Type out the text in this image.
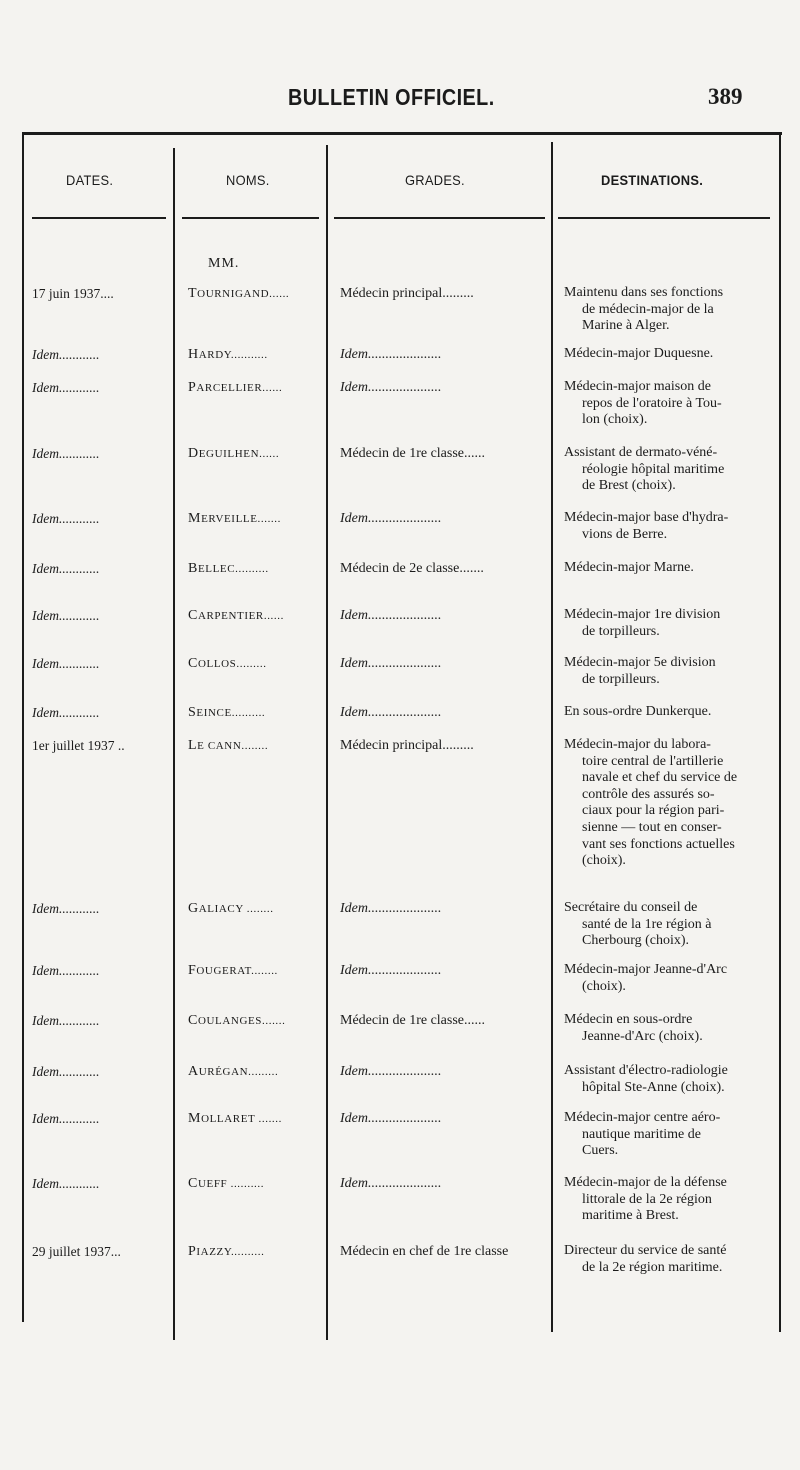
BULLETIN OFFICIEL.	389
DATES.	NOMS.	GRADES.	DESTINATIONS.
MM.
17 juin 1937....	TOURNIGAND......	Médecin principal.........	Maintenu dans ses fonctions

de médecin-major de la
Marine à Alger.
Idem............	HARDY...........	Idem.....................	Médecin-major Duquesne.

Idem............	PARCELLIER......	Idem.....................	Médecin-major maison de

repos de l'oratoire à Tou-
lon (choix).
Idem............	DEGUILHEN......	Médecin de 1re classe......	Assistant de dermato-véné-

réologie hôpital maritime
de Brest (choix).
Idem............	MERVEILLE.......	Idem.....................	Médecin-major base d'hydra-

vions de Berre.
Idem............	BELLEC..........	Médecin de 2e classe.......	Médecin-major Marne.

Idem............	CARPENTIER......	Idem.....................	Médecin-major 1re division

de torpilleurs.
Idem............	COLLOS.........	Idem.....................	Médecin-major 5e division

de torpilleurs.
Idem............	SEINCE..........	Idem.....................	En sous-ordre Dunkerque.

1er juillet 1937 ..	LE CANN........	Médecin principal.........	Médecin-major du labora-

toire central de l'artillerie
navale et chef du service de
contrôle des assurés so-
ciaux pour la région pari-
sienne — tout en conser-
vant ses fonctions actuelles
(choix).
Idem............	GALIACY ........	Idem.....................	Secrétaire du conseil de

santé de la 1re région à
Cherbourg (choix).
Idem............	FOUGERAT........	Idem.....................	Médecin-major Jeanne-d'Arc

(choix).
Idem............	COULANGES.......	Médecin de 1re classe......	Médecin en sous-ordre

Jeanne-d'Arc (choix).
Idem............	AURÉGAN.........	Idem.....................	Assistant d'électro-radiologie

hôpital Ste-Anne (choix).
Idem............	MOLLARET .......	Idem.....................	Médecin-major centre aéro-

nautique maritime de
Cuers.
Idem............	CUEFF ..........	Idem.....................	Médecin-major de la défense

littorale de la 2e région
maritime à Brest.
29 juillet 1937...	PIAZZY..........	Médecin en chef de 1re classe	Directeur du service de santé

de la 2e région maritime.
